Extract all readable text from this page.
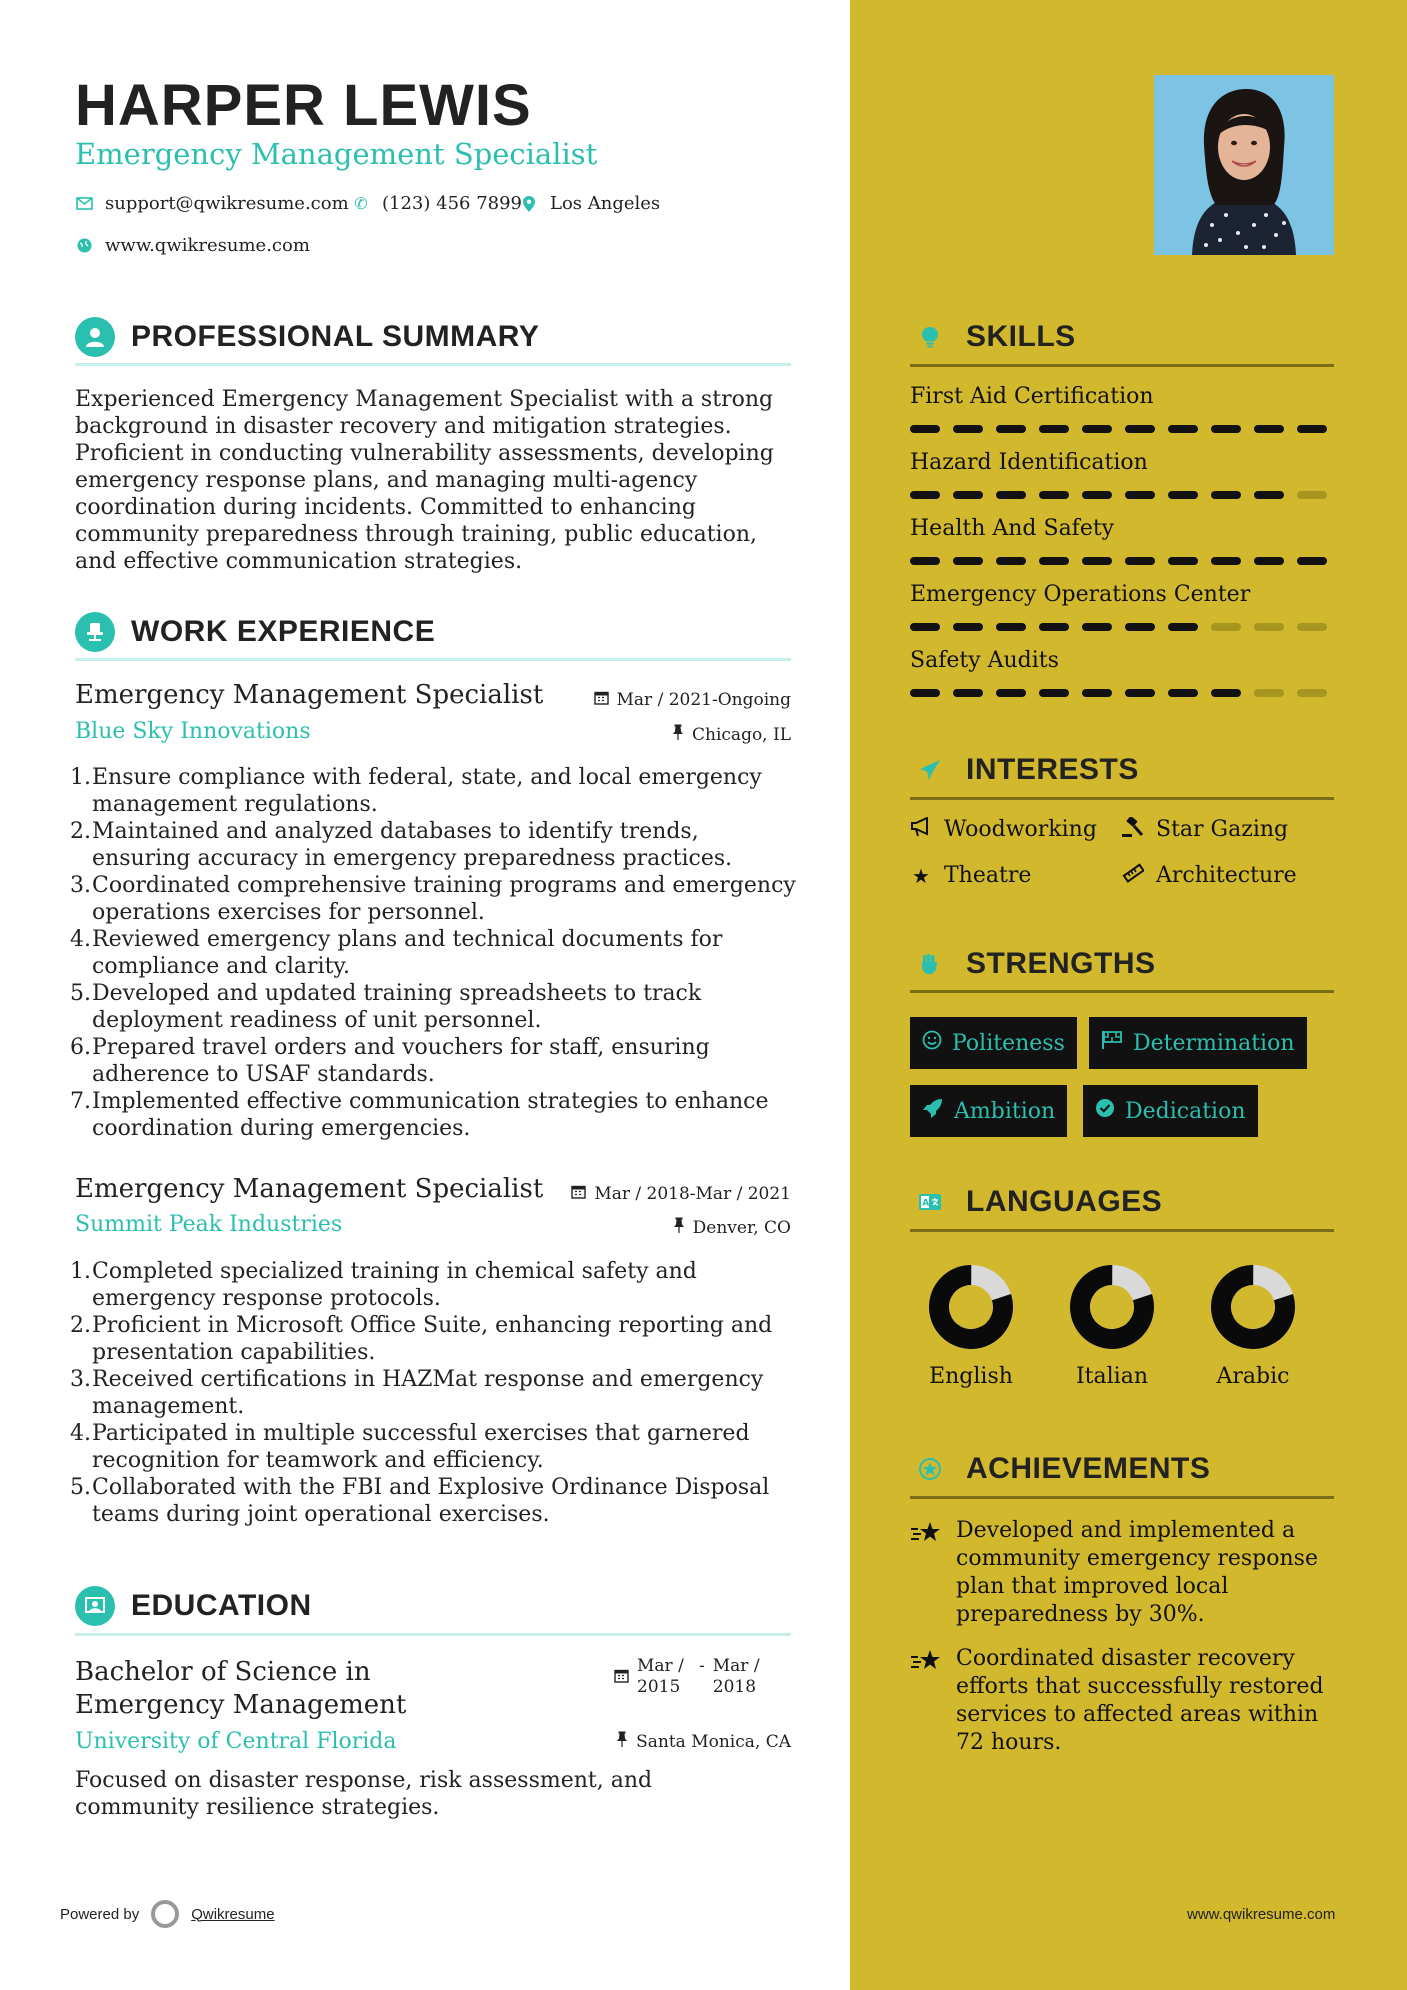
HARPER LEWIS
Emergency Management Specialist
support@qwikresume.com ✆ (123) 456 7899 Los Angeles
www.qwikresume.com
PROFESSIONAL SUMMARY
Experienced Emergency Management Specialist with a strong background in disaster recovery and mitigation strategies. Proficient in conducting vulnerability assessments, developing emergency response plans, and managing multi-agency coordination during incidents. Committed to enhancing community preparedness through training, public education, and effective communication strategies.
WORK EXPERIENCE
Emergency Management Specialist	Mar / 2021-Ongoing
Blue Sky Innovations	Chicago, IL
Ensure compliance with federal, state, and local emergency management regulations.
Maintained and analyzed databases to identify trends, ensuring accuracy in emergency preparedness practices.
Coordinated comprehensive training programs and emergency operations exercises for personnel.
Reviewed emergency plans and technical documents for compliance and clarity.
Developed and updated training spreadsheets to track deployment readiness of unit personnel.
Prepared travel orders and vouchers for staff, ensuring adherence to USAF standards.
Implemented effective communication strategies to enhance coordination during emergencies.
Emergency Management Specialist	Mar / 2018-Mar / 2021
Summit Peak Industries	Denver, CO
Completed specialized training in chemical safety and emergency response protocols.
Proficient in Microsoft Office Suite, enhancing reporting and presentation capabilities.
Received certifications in HAZMat response and emergency management.
Participated in multiple successful exercises that garnered recognition for teamwork and efficiency.
Collaborated with the FBI and Explosive Ordinance Disposal teams during joint operational exercises.
EDUCATION
Bachelor of Science in Emergency Management
Mar / 2015
- Mar / 2018
University of Central Florida	Santa Monica, CA
Focused on disaster response, risk assessment, and community resilience strategies.
Powered by	Qwikresume	www.qwikresume.com
SKILLS
First Aid Certification
Hazard Identification
Health And Safety
Emergency Operations Center
Safety Audits
INTERESTS
Woodworking	Star Gazing
★ Theatre	Architecture
STRENGTHS
Politeness	Determination
Ambition	Dedication
A LANGUAGES
English	Italian	Arabic
ACHIEVEMENTS
Developed and implemented a community emergency response plan that improved local preparedness by 30%.
Coordinated disaster recovery efforts that successfully restored services to affected areas within 72 hours.
